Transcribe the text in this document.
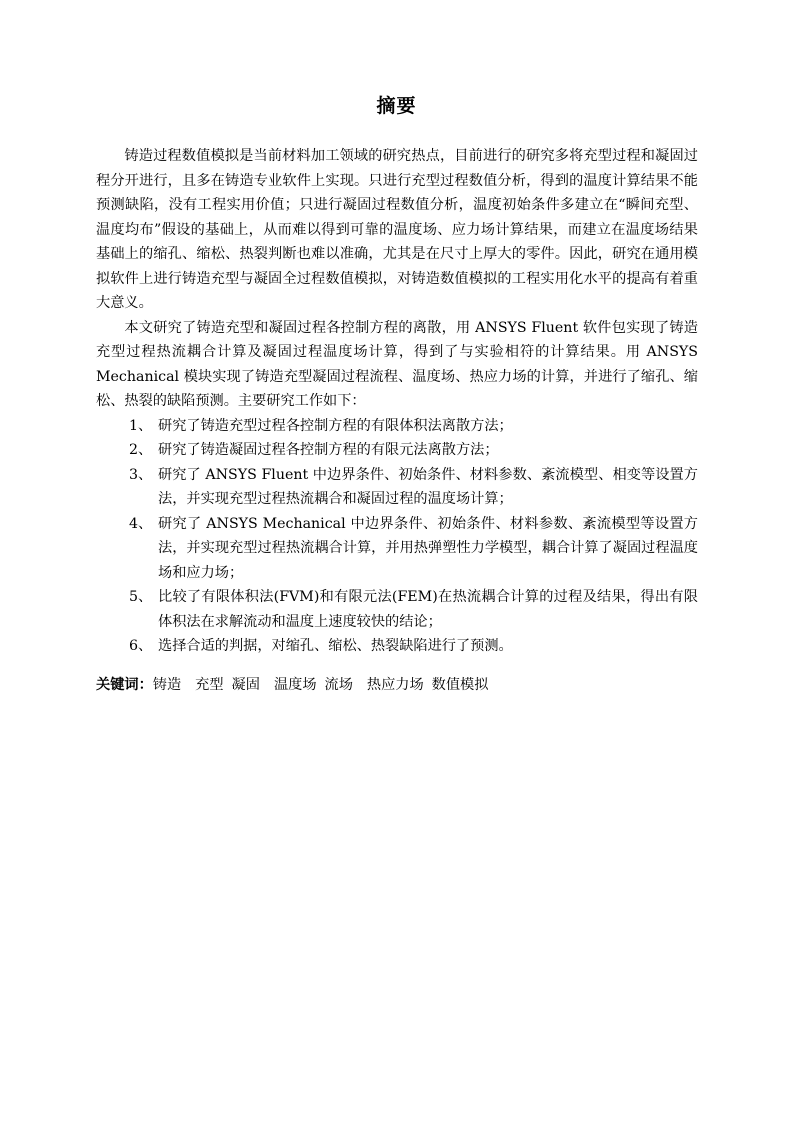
摘要

铸造过程数值模拟是当前材料加工领域的研究热点，目前进行的研究多将充型过程和凝固过程分开进行，且多在铸造专业软件上实现。只进行充型过程数值分析，得到的温度计算结果不能预测缺陷，没有工程实用价值；只进行凝固过程数值分析，温度初始条件多建立在“瞬间充型、温度均布”假设的基础上，从而难以得到可靠的温度场、应力场计算结果，而建立在温度场结果基础上的缩孔、缩松、热裂判断也难以准确，尤其是在尺寸上厚大的零件。因此，研究在通用模拟软件上进行铸造充型与凝固全过程数值模拟，对铸造数值模拟的工程实用化水平的提高有着重大意义。

本文研究了铸造充型和凝固过程各控制方程的离散，用 ANSYS Fluent 软件包实现了铸造充型过程热流耦合计算及凝固过程温度场计算，得到了与实验相符的计算结果。用 ANSYS Mechanical 模块实现了铸造充型凝固过程流程、温度场、热应力场的计算，并进行了缩孔、缩松、热裂的缺陷预测。主要研究工作如下：

1、 研究了铸造充型过程各控制方程的有限体积法离散方法；
2、 研究了铸造凝固过程各控制方程的有限元法离散方法；
3、 研究了 ANSYS Fluent 中边界条件、初始条件、材料参数、紊流模型、相变等设置方法，并实现充型过程热流耦合和凝固过程的温度场计算；
4、 研究了 ANSYS Mechanical 中边界条件、初始条件、材料参数、紊流模型等设置方法，并实现充型过程热流耦合计算，并用热弹塑性力学模型，耦合计算了凝固过程温度场和应力场；
5、 比较了有限体积法(FVM)和有限元法(FEM)在热流耦合计算的过程及结果，得出有限体积法在求解流动和温度上速度较快的结论；
6、 选择合适的判据，对缩孔、缩松、热裂缺陷进行了预测。
关键词：铸造 充型 凝固 温度场 流场 热应力场 数值模拟
